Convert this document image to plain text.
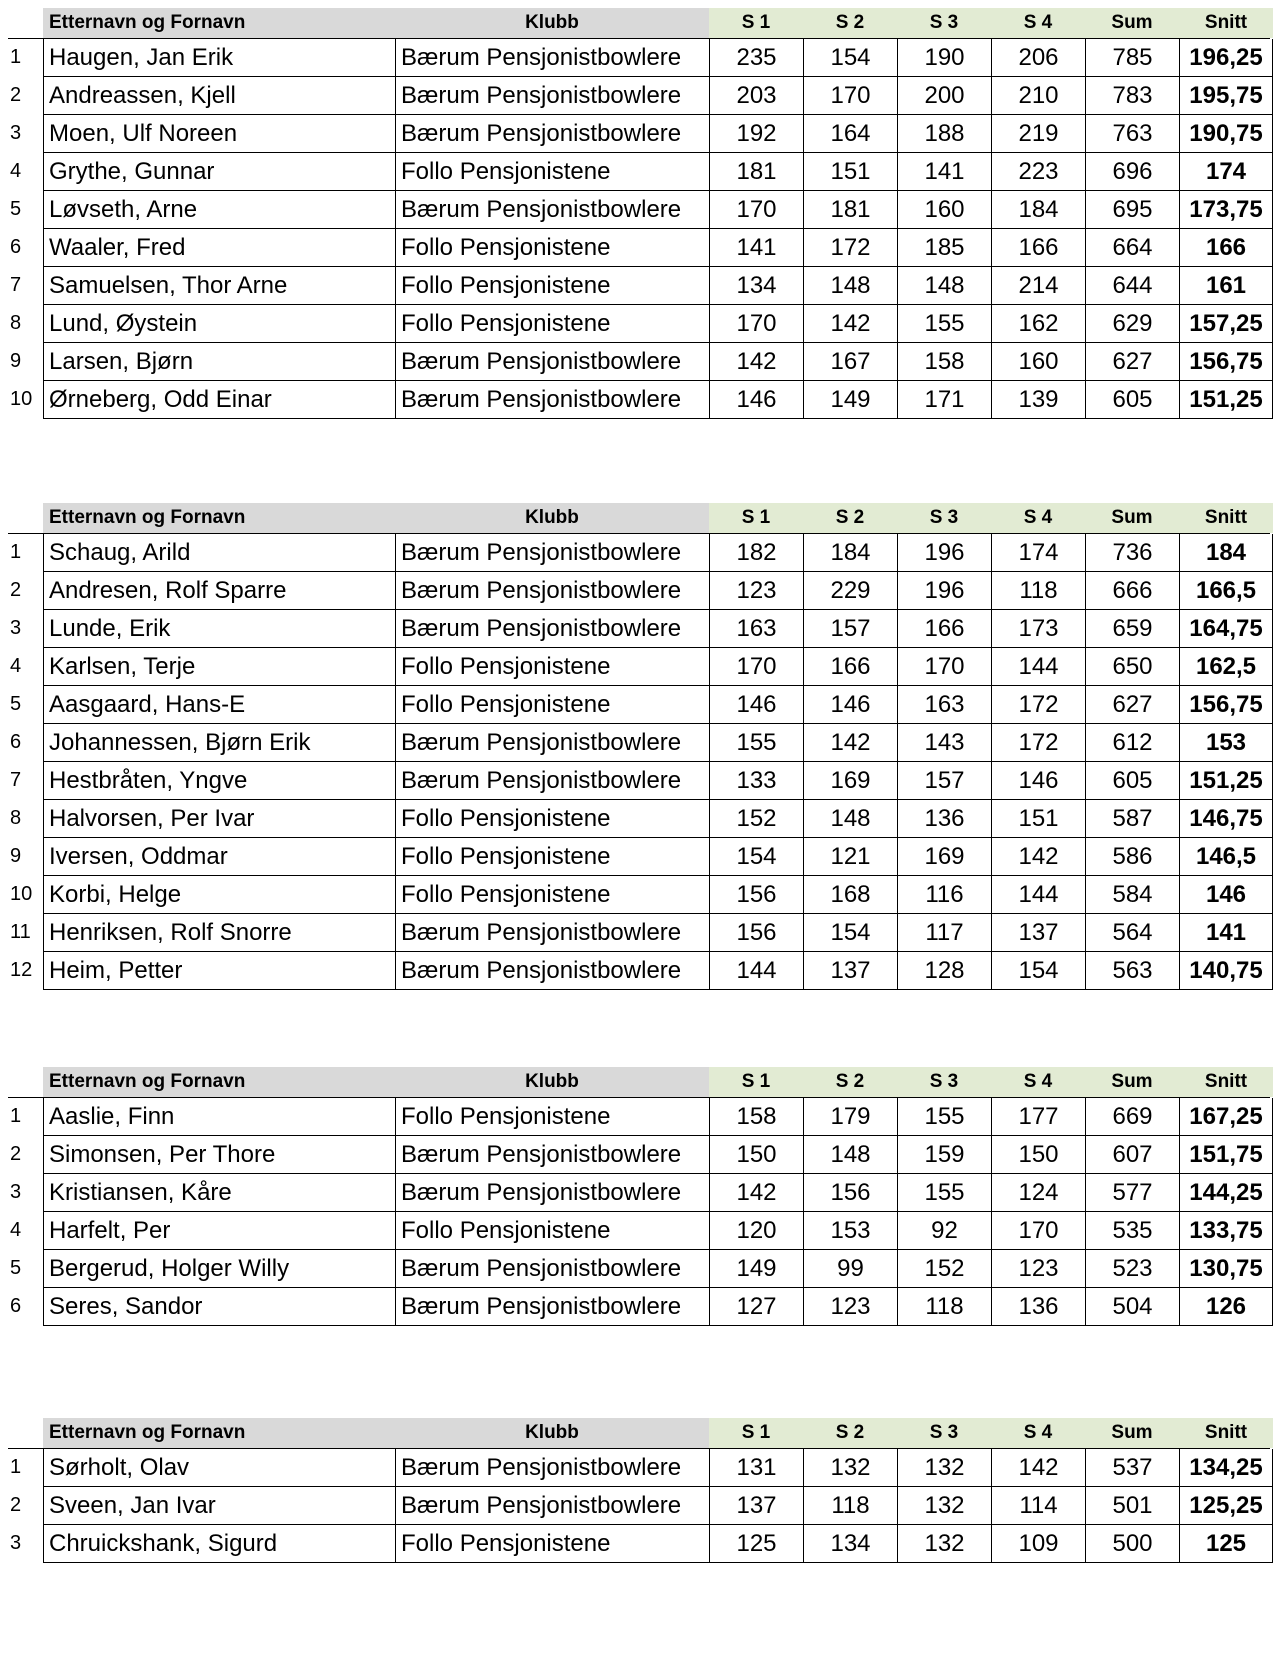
Etternavn og Fornavn	Klubb	S 1	S 2	S 3	S 4	Sum	Snitt
1	Haugen, Jan Erik	Bærum Pensjonistbowlere	235	154	190	206	785	196,25
2	Andreassen, Kjell	Bærum Pensjonistbowlere	203	170	200	210	783	195,75
3	Moen, Ulf Noreen	Bærum Pensjonistbowlere	192	164	188	219	763	190,75
4	Grythe, Gunnar	Follo Pensjonistene	181	151	141	223	696	174
5	Løvseth, Arne	Bærum Pensjonistbowlere	170	181	160	184	695	173,75
6	Waaler, Fred	Follo Pensjonistene	141	172	185	166	664	166
7	Samuelsen, Thor Arne	Follo Pensjonistene	134	148	148	214	644	161
8	Lund, Øystein	Follo Pensjonistene	170	142	155	162	629	157,25
9	Larsen, Bjørn	Bærum Pensjonistbowlere	142	167	158	160	627	156,75
10 Ørneberg, Odd Einar	Bærum Pensjonistbowlere	146	149	171	139	605	151,25
Etternavn og Fornavn	Klubb	S 1	S 2	S 3	S 4	Sum	Snitt
1	Schaug, Arild	Bærum Pensjonistbowlere	182	184	196	174	736	184
2	Andresen, Rolf Sparre	Bærum Pensjonistbowlere	123	229	196	118	666	166,5
3	Lunde, Erik	Bærum Pensjonistbowlere	163	157	166	173	659	164,75
4	Karlsen, Terje	Follo Pensjonistene	170	166	170	144	650	162,5
5	Aasgaard, Hans-E	Follo Pensjonistene	146	146	163	172	627	156,75
6	Johannessen, Bjørn Erik	Bærum Pensjonistbowlere	155	142	143	172	612	153
7	Hestbråten, Yngve	Bærum Pensjonistbowlere	133	169	157	146	605	151,25
8	Halvorsen, Per Ivar	Follo Pensjonistene	152	148	136	151	587	146,75
9	Iversen, Oddmar	Follo Pensjonistene	154	121	169	142	586	146,5
10 Korbi, Helge	Follo Pensjonistene	156	168	116	144	584	146
11 Henriksen, Rolf Snorre	Bærum Pensjonistbowlere	156	154	117	137	564	141
12 Heim, Petter	Bærum Pensjonistbowlere	144	137	128	154	563	140,75
Etternavn og Fornavn	Klubb	S 1	S 2	S 3	S 4	Sum	Snitt
1	Aaslie, Finn	Follo Pensjonistene	158	179	155	177	669	167,25
2	Simonsen, Per Thore	Bærum Pensjonistbowlere	150	148	159	150	607	151,75
3	Kristiansen, Kåre	Bærum Pensjonistbowlere	142	156	155	124	577	144,25
4	Harfelt, Per	Follo Pensjonistene	120	153	92	170	535	133,75
5	Bergerud, Holger Willy	Bærum Pensjonistbowlere	149	99	152	123	523	130,75
6	Seres, Sandor	Bærum Pensjonistbowlere	127	123	118	136	504	126
Etternavn og Fornavn	Klubb	S 1	S 2	S 3	S 4	Sum	Snitt
1	Sørholt, Olav	Bærum Pensjonistbowlere	131	132	132	142	537	134,25
2	Sveen, Jan Ivar	Bærum Pensjonistbowlere	137	118	132	114	501	125,25
3	Chruickshank, Sigurd	Follo Pensjonistene	125	134	132	109	500	125
